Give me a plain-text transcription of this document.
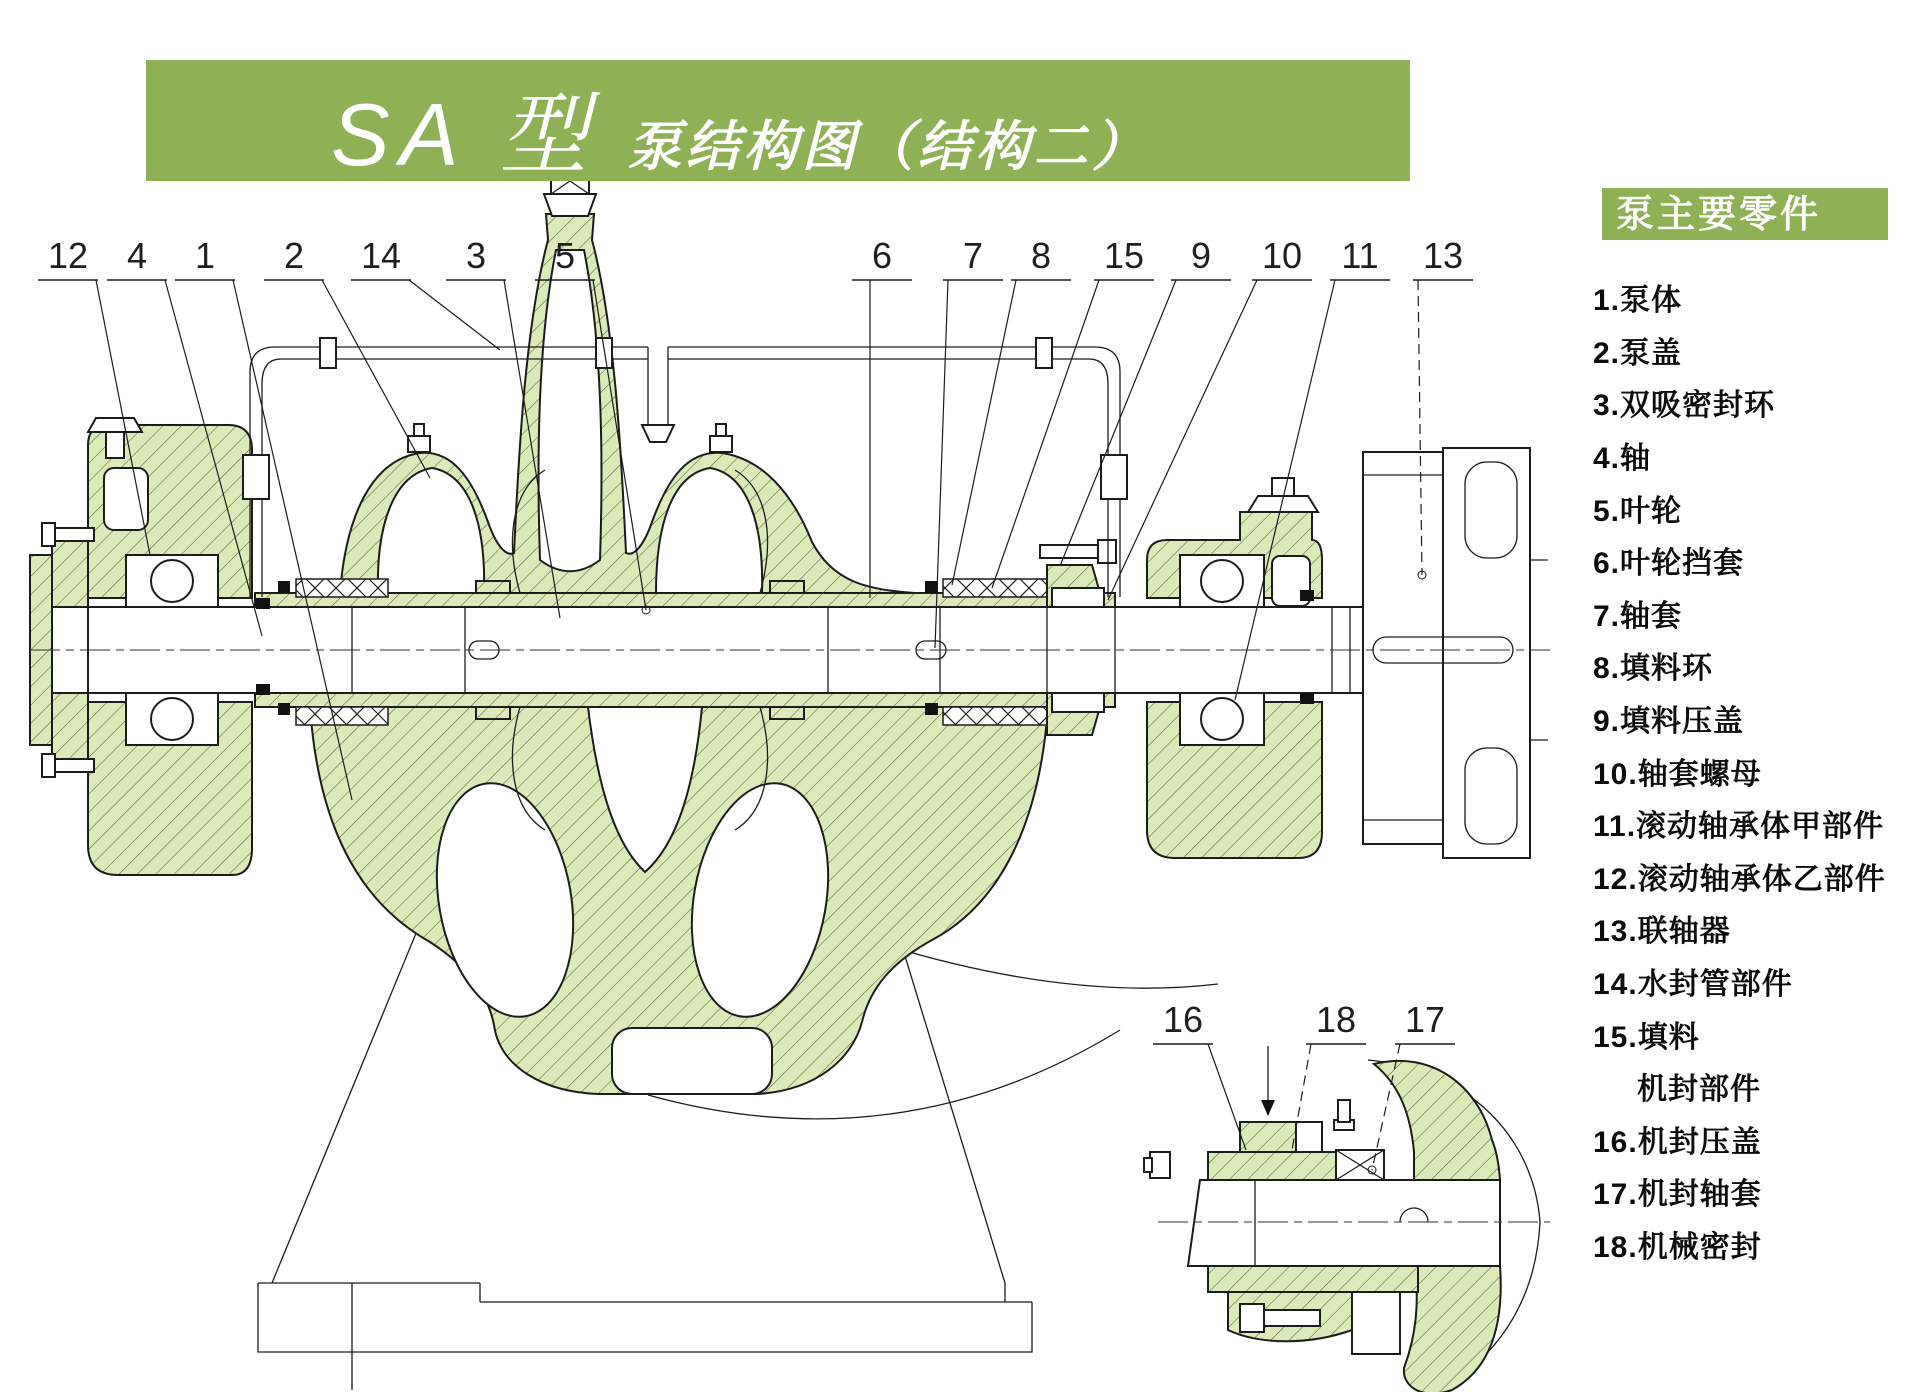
12 4 1 2 14 3 5	6 7 8 15 9 10 11 13
16	18 17
SA 型 泵结构图（结构二）
泵主要零件
1.泵体
2.泵盖
3.双吸密封环
4.轴
5.叶轮
6.叶轮挡套
7.轴套
8.填料环
9.填料压盖
10.轴套螺母
11.滚动轴承体甲部件
12.滚动轴承体乙部件
13.联轴器
14.水封管部件
15.填料
机封部件
16.机封压盖
17.机封轴套
18.机械密封
